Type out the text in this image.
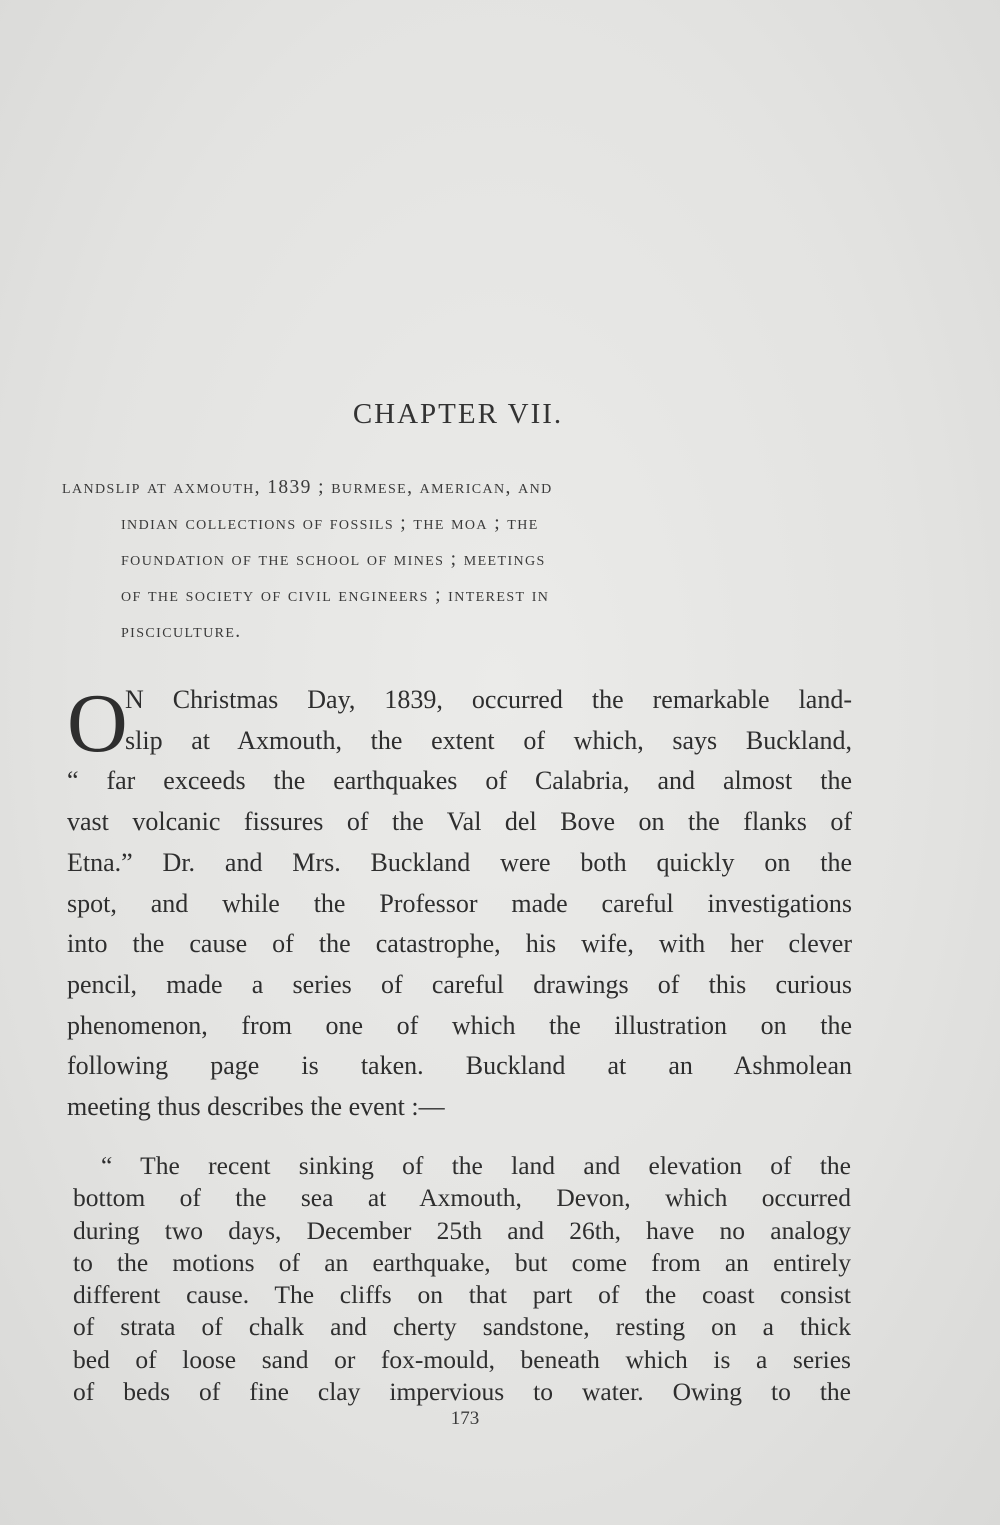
CHAPTER VII.
landslip at axmouth, 1839 ; burmese, american, and
indian collections of fossils ; the moa ; the
foundation of the school of mines ; meetings
of the society of civil engineers ; interest in
pisciculture.
O
N Christmas Day, 1839, occurred the remarkable land-
slip at Axmouth, the extent of which, says Buckland,
“ far exceeds the earthquakes of Calabria, and almost the
vast volcanic fissures of the Val del Bove on the flanks of
Etna.” Dr. and Mrs. Buckland were both quickly on the
spot, and while the Professor made careful investigations
into the cause of the catastrophe, his wife, with her clever
pencil, made a series of careful drawings of this curious
phenomenon, from one of which the illustration on the
following page is taken. Buckland at an Ashmolean
meeting thus describes the event :—
“ The recent sinking of the land and elevation of the
bottom of the sea at Axmouth, Devon, which occurred
during two days, December 25th and 26th, have no analogy
to the motions of an earthquake, but come from an entirely
different cause. The cliffs on that part of the coast consist
of strata of chalk and cherty sandstone, resting on a thick
bed of loose sand or fox-mould, beneath which is a series
of beds of fine clay impervious to water. Owing to the
173
